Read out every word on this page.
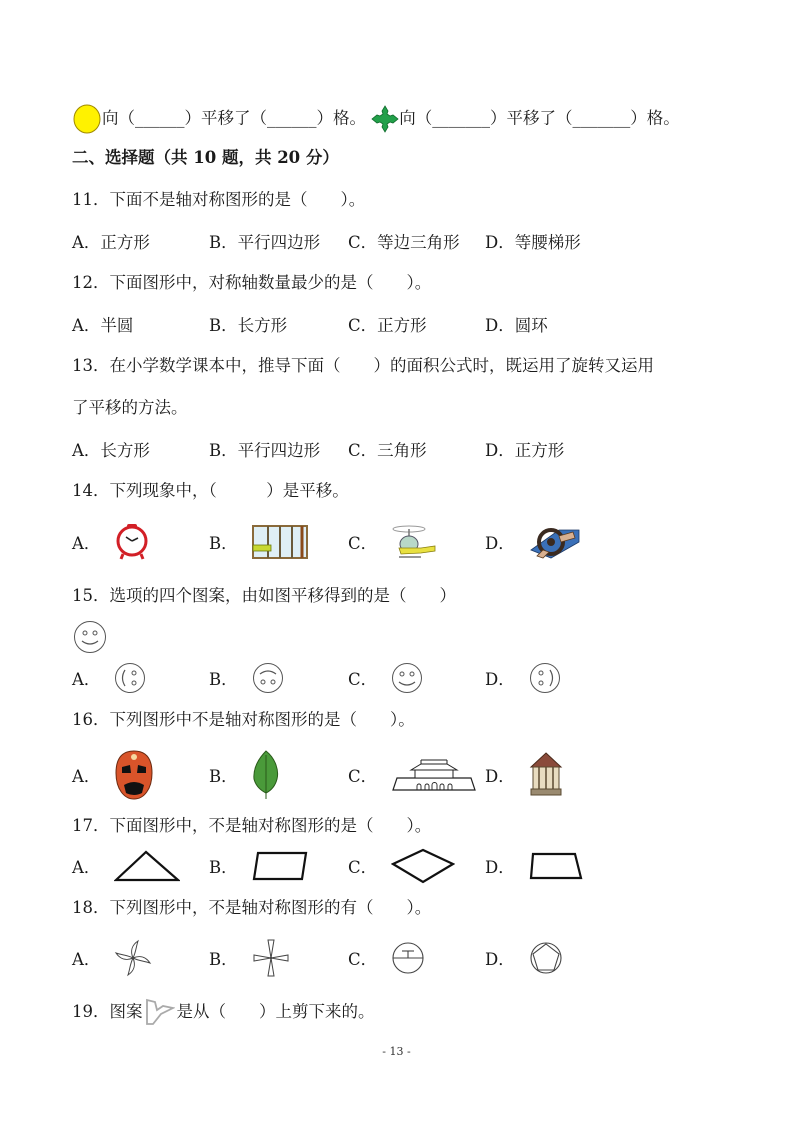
向（______）平移了（______）格。 向（_______）平移了（_______）格。
二、选择题（共 10 题，共 20 分）
11．下面不是轴对称图形的是（　　）。
A．正方形	B．平行四边形 C．等边三角形 D．等腰梯形
12．下面图形中，对称轴数量最少的是（　　）。
A．半圆	B．长方形	C．正方形	D．圆环
13．在小学数学课本中，推导下面（　　）的面积公式时，既运用了旋转又运用
了平移的方法。
A．长方形	B．平行四边形 C．三角形	D．正方形
14．下列现象中，（　　　）是平移。
A．	B．	C．	D．
15．选项的四个图案，由如图平移得到的是（　　）
A．	B．	C．	D．
16．下列图形中不是轴对称图形的是（　　）。
A．	B．	C．	D．
17．下面图形中，不是轴对称图形的是（　　）。
A．	B．	C．	D．
18．下列图形中，不是轴对称图形的有（　　）。
A．	B．	C．	D．
19．图案 是从（　　）上剪下来的。
- 13 -
